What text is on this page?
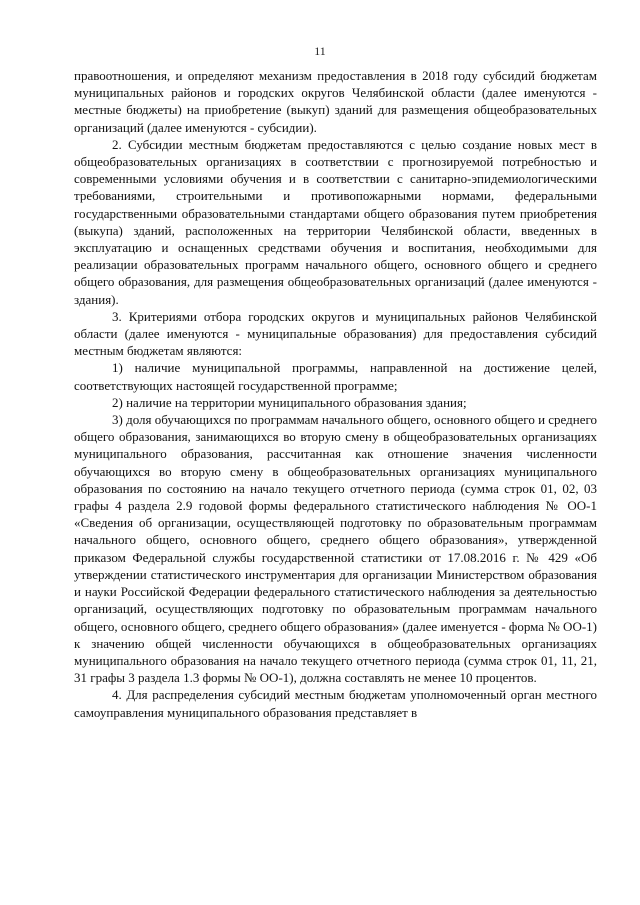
11

правоотношения, и определяют механизм предоставления в 2018 году субсидий бюджетам муниципальных районов и городских округов Челябинской области (далее именуются - местные бюджеты) на приобретение (выкуп) зданий для размещения общеобразовательных организаций (далее именуются - субсидии).

2. Субсидии местным бюджетам предоставляются с целью создание новых мест в общеобразовательных организациях в соответствии с прогнозируемой потребностью и современными условиями обучения и в соответствии с санитарно-эпидемиологическими требованиями, строительными и противопожарными нормами, федеральными государственными образовательными стандартами общего образования путем приобретения (выкупа) зданий, расположенных на территории Челябинской области, введенных в эксплуатацию и оснащенных средствами обучения и воспитания, необходимыми для реализации образовательных программ начального общего, основного общего и среднего общего образования, для размещения общеобразовательных организаций (далее именуются - здания).

3. Критериями отбора городских округов и муниципальных районов Челябинской области (далее именуются - муниципальные образования) для предоставления субсидий местным бюджетам являются:

1) наличие муниципальной программы, направленной на достижение целей, соответствующих настоящей государственной программе;

2) наличие на территории муниципального образования здания;

3) доля обучающихся по программам начального общего, основного общего и среднего общего образования, занимающихся во вторую смену в общеобразовательных организациях муниципального образования, рассчитанная как отношение значения численности обучающихся во вторую смену в общеобразовательных организациях муниципального образования по состоянию на начало текущего отчетного периода (сумма строк 01, 02, 03 графы 4 раздела 2.9 годовой формы федерального статистического наблюдения № ОО-1 «Сведения об организации, осуществляющей подготовку по образовательным программам начального общего, основного общего, среднего общего образования», утвержденной приказом Федеральной службы государственной статистики от 17.08.2016 г. № 429 «Об утверждении статистического инструментария для организации Министерством образования и науки Российской Федерации федерального статистического наблюдения за деятельностью организаций, осуществляющих подготовку по образовательным программам начального общего, основного общего, среднего общего образования» (далее именуется - форма № ОО-1) к значению общей численности обучающихся в общеобразовательных организациях муниципального образования на начало текущего отчетного периода (сумма строк 01, 11, 21, 31 графы 3 раздела 1.3 формы № ОО-1), должна составлять не менее 10 процентов.

4. Для распределения субсидий местным бюджетам уполномоченный орган местного самоуправления муниципального образования представляет в
